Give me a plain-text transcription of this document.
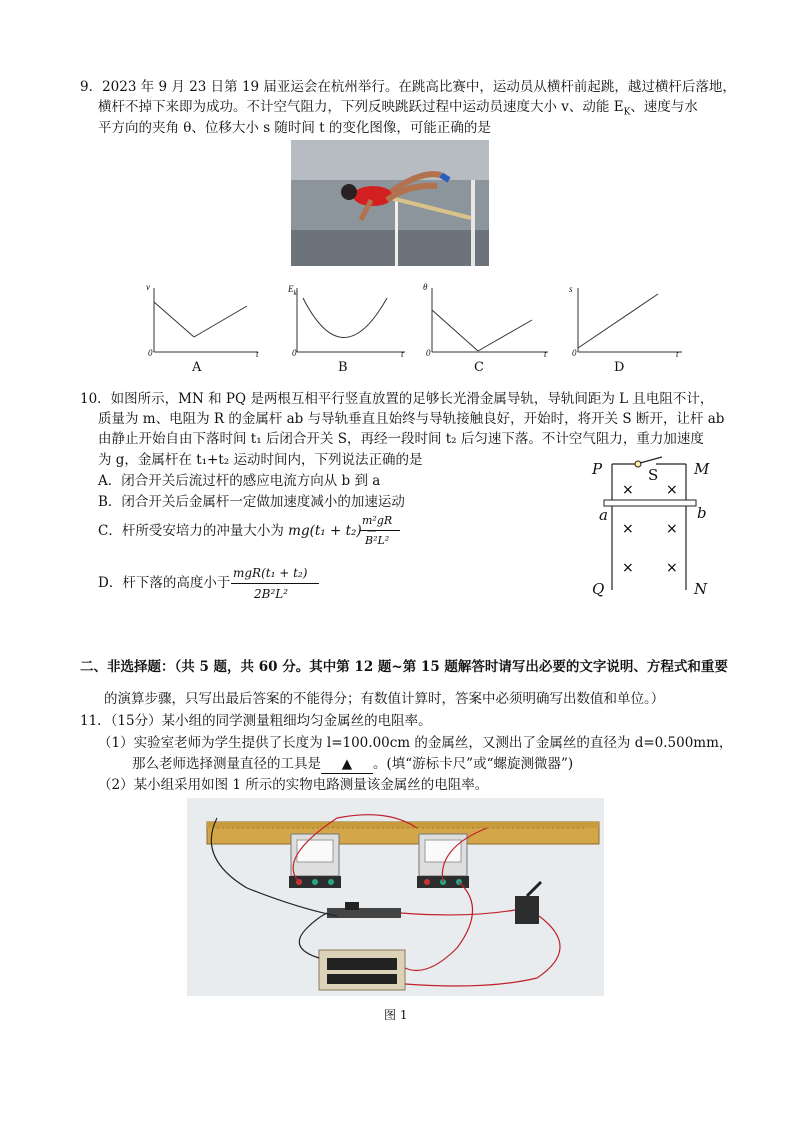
9．2023 年 9 月 23 日第 19 届亚运会在杭州举行。在跳高比赛中，运动员从横杆前起跳，越过横杆后落地，
横杆不掉下来即为成功。不计空气阻力，下列反映跳跃过程中运动员速度大小 v、动能 $E_K$、速度与水
平方向的夹角 θ、位移大小 s 随时间 t 的变化图像，可能正确的是
v
0	t
A
$E_k$
0	t
B
θ
0	t
C
s
0	t
D
10．如图所示，MN 和 PQ 是两根互相平行竖直放置的足够长光滑金属导轨，导轨间距为 L 且电阻不计，
质量为 m、电阻为 R 的金属杆 ab 与导轨垂直且始终与导轨接触良好，开始时，将开关 S 断开，让杆 ab
由静止开始自由下落时间 t₁ 后闭合开关 S，再经一段时间 t₂ 后匀速下落。不计空气阻力，重力加速度
为 g，金属杆在 t₁+t₂ 运动时间内，下列说法正确的是
A．闭合开关后流过杆的感应电流方向从 b 到 a
B．闭合开关后金属杆一定做加速度减小的加速运动
C．杆所受安培力的冲量大小为 mg(t₁ + t₂) −
m²gR
B²L²
D．杆下落的高度小于
mgR(t₁ + t₂)
2B²L²
× ×
× ×
× ×
P	M
S
a	b
Q	N
二、非选择题：（共 5 题，共 60 分。其中第 12 题~第 15 题解答时请写出必要的文字说明、方程式和重要
的演算步骤，只写出最后答案的不能得分；有数值计算时，答案中必须明确写出数值和单位。）
11．（15分）某小组的同学测量粗细均匀金属丝的电阻率。
（1）实验室老师为学生提供了长度为 l=100.00cm 的金属丝，又测出了金属丝的直径为 d=0.500mm，
那么老师选择测量直径的工具是 ▲ 。(填“游标卡尺”或“螺旋测微器”)
（2）某小组采用如图 1 所示的实物电路测量该金属丝的电阻率。
图 1
